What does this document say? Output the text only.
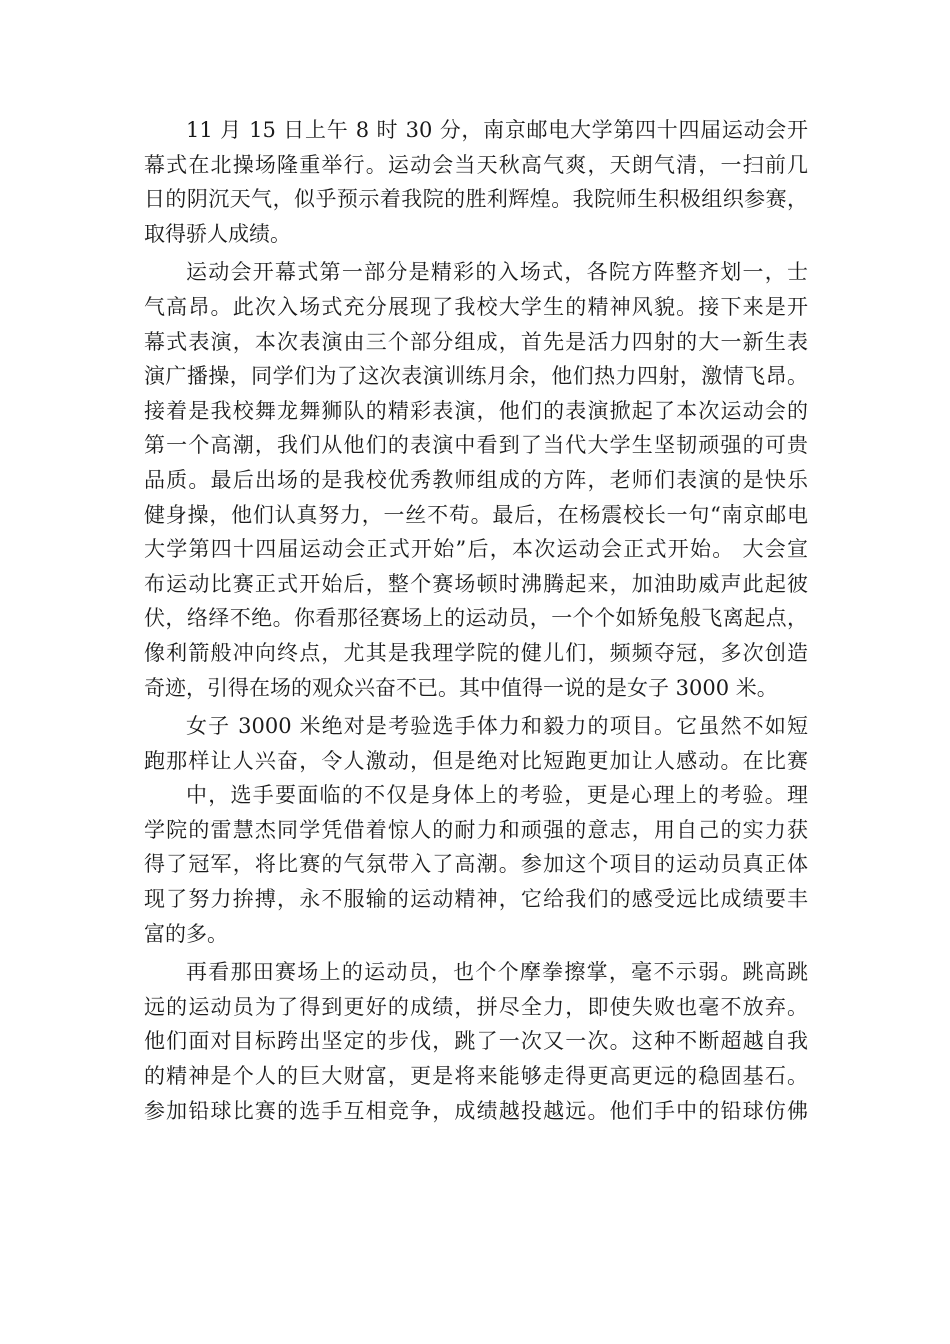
11 月 15 日上午 8 时 30 分，南京邮电大学第四十四届运动会开
幕式在北操场隆重举行。运动会当天秋高气爽，天朗气清，一扫前几
日的阴沉天气，似乎预示着我院的胜利辉煌。我院师生积极组织参赛，
取得骄人成绩。

运动会开幕式第一部分是精彩的入场式，各院方阵整齐划一，士
气高昂。此次入场式充分展现了我校大学生的精神风貌。接下来是开
幕式表演，本次表演由三个部分组成，首先是活力四射的大一新生表
演广播操，同学们为了这次表演训练月余，他们热力四射，激情飞昂。
接着是我校舞龙舞狮队的精彩表演，他们的表演掀起了本次运动会的
第一个高潮，我们从他们的表演中看到了当代大学生坚韧顽强的可贵
品质。最后出场的是我校优秀教师组成的方阵，老师们表演的是快乐
健身操，他们认真努力，一丝不苟。最后，在杨震校长一句“南京邮电
大学第四十四届运动会正式开始”后，本次运动会正式开始。 大会宣
布运动比赛正式开始后，整个赛场顿时沸腾起来，加油助威声此起彼
伏，络绎不绝。你看那径赛场上的运动员，一个个如矫兔般飞离起点，
像利箭般冲向终点，尤其是我理学院的健儿们，频频夺冠，多次创造
奇迹，引得在场的观众兴奋不已。其中值得一说的是女子 3000 米。

女子 3000 米绝对是考验选手体力和毅力的项目。它虽然不如短
跑那样让人兴奋，令人激动，但是绝对比短跑更加让人感动。在比赛
中，选手要面临的不仅是身体上的考验，更是心理上的考验。理
学院的雷慧杰同学凭借着惊人的耐力和顽强的意志，用自己的实力获
得了冠军，将比赛的气氛带入了高潮。参加这个项目的运动员真正体
现了努力拚搏，永不服输的运动精神，它给我们的感受远比成绩要丰
富的多。

再看那田赛场上的运动员，也个个摩拳擦掌，毫不示弱。跳高跳
远的运动员为了得到更好的成绩，拼尽全力，即使失败也毫不放弃。
他们面对目标跨出坚定的步伐，跳了一次又一次。这种不断超越自我
的精神是个人的巨大财富，更是将来能够走得更高更远的稳固基石。
参加铅球比赛的选手互相竞争，成绩越投越远。他们手中的铅球仿佛
